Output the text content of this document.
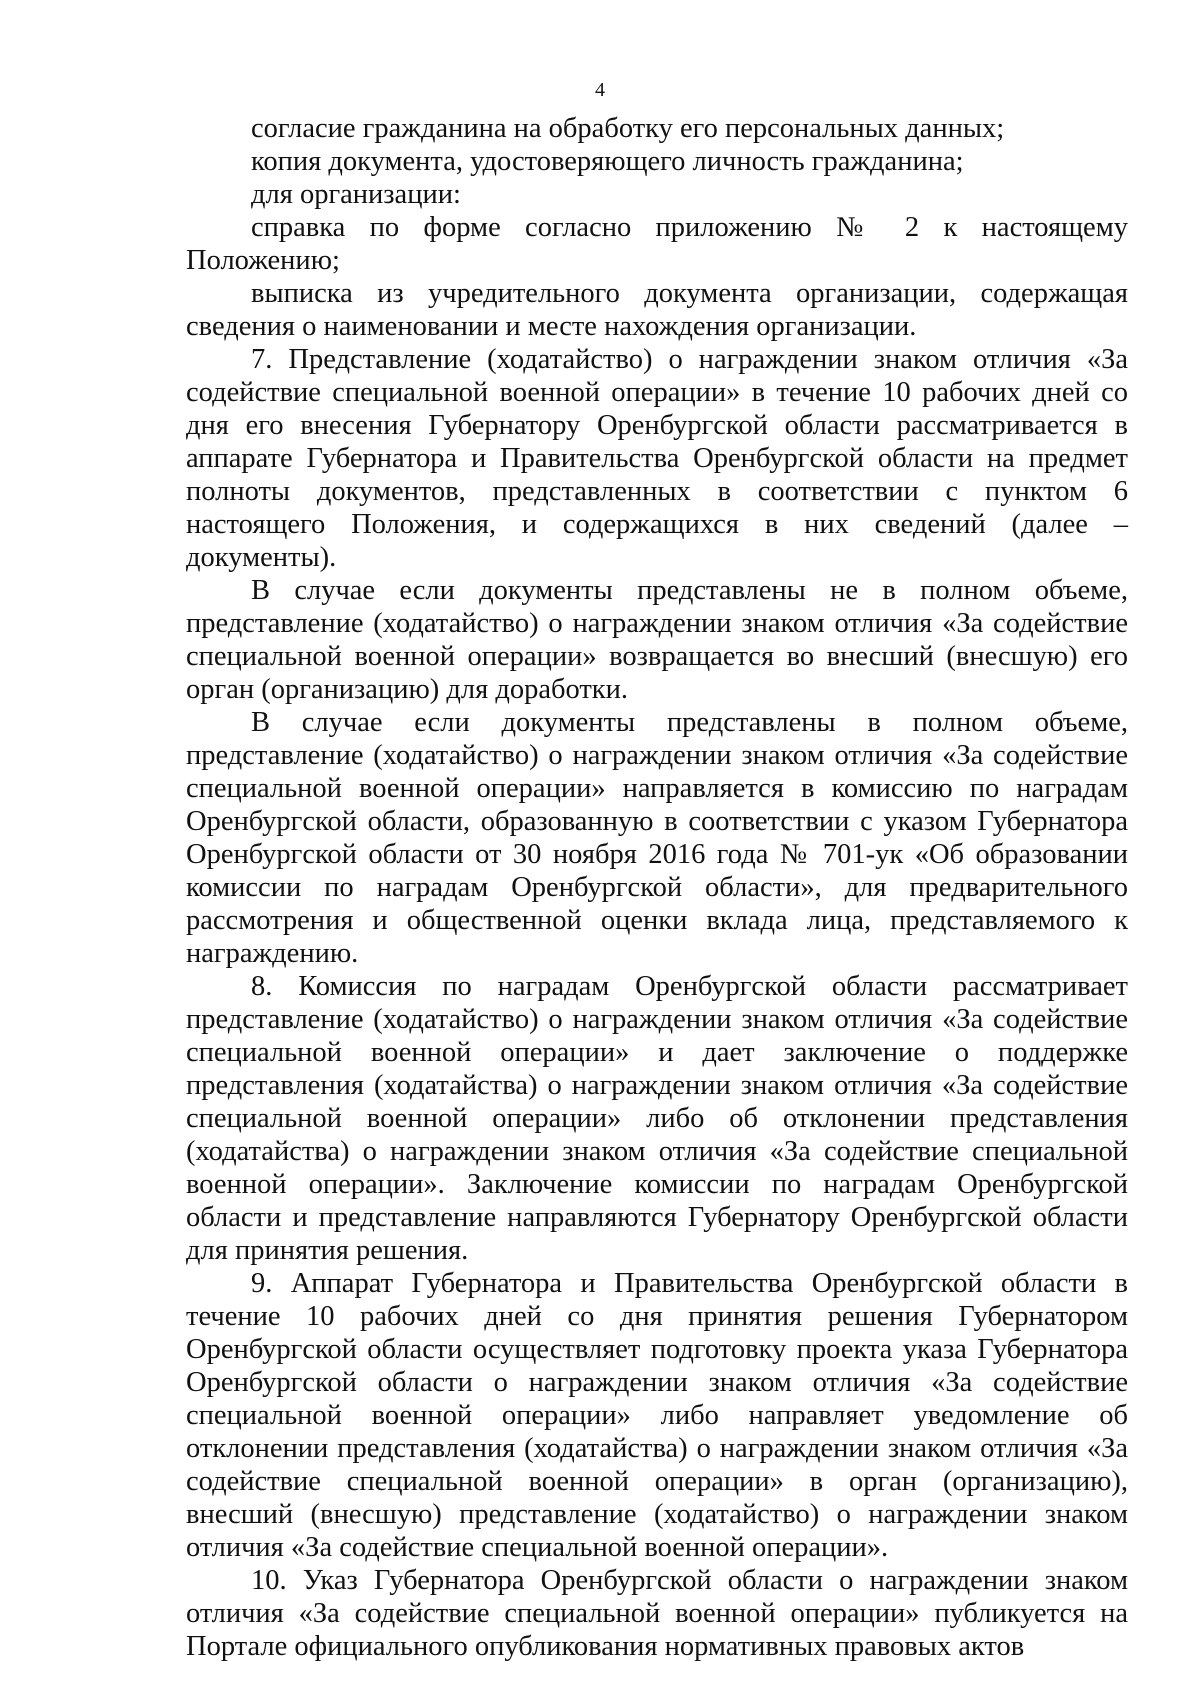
4

согласие гражданина на обработку его персональных данных;

копия документа, удостоверяющего личность гражданина;

для организации:

справка по форме согласно приложению № 2 к настоящему Положению;

выписка из учредительного документа организации, содержащая сведения о наименовании и месте нахождения организации.

7. Представление (ходатайство) о награждении знаком отличия «За содействие специальной военной операции» в течение 10 рабочих дней со дня его внесения Губернатору Оренбургской области рассматривается в аппарате Губернатора и Правительства Оренбургской области на предмет полноты документов, представленных в соответствии с пунктом 6 настоящего Положения, и содержащихся в них сведений (далее – документы).

В случае если документы представлены не в полном объеме, представление (ходатайство) о награждении знаком отличия «За содействие специальной военной операции» возвращается во внесший (внесшую) его орган (организацию) для доработки.

В случае если документы представлены в полном объеме, представление (ходатайство) о награждении знаком отличия «За содействие специальной военной операции» направляется в комиссию по наградам Оренбургской области, образованную в соответствии с указом Губернатора Оренбургской области от 30 ноября 2016 года № 701-ук «Об образовании комиссии по наградам Оренбургской области», для предварительного рассмотрения и общественной оценки вклада лица, представляемого к награждению.

8. Комиссия по наградам Оренбургской области рассматривает представление (ходатайство) о награждении знаком отличия «За содействие специальной военной операции» и дает заключение о поддержке представления (ходатайства) о награждении знаком отличия «За содействие специальной военной операции» либо об отклонении представления (ходатайства) о награждении знаком отличия «За содействие специальной военной операции». Заключение комиссии по наградам Оренбургской области и представление направляются Губернатору Оренбургской области для принятия решения.

9. Аппарат Губернатора и Правительства Оренбургской области в течение 10 рабочих дней со дня принятия решения Губернатором Оренбургской области осуществляет подготовку проекта указа Губернатора Оренбургской области о награждении знаком отличия «За содействие специальной военной операции» либо направляет уведомление об отклонении представления (ходатайства) о награждении знаком отличия «За содействие специальной военной операции» в орган (организацию), внесший (внесшую) представление (ходатайство) о награждении знаком отличия «За содействие специальной военной операции».

10. Указ Губернатора Оренбургской области о награждении знаком отличия «За содействие специальной военной операции» публикуется на Портале официального опубликования нормативных правовых актов
